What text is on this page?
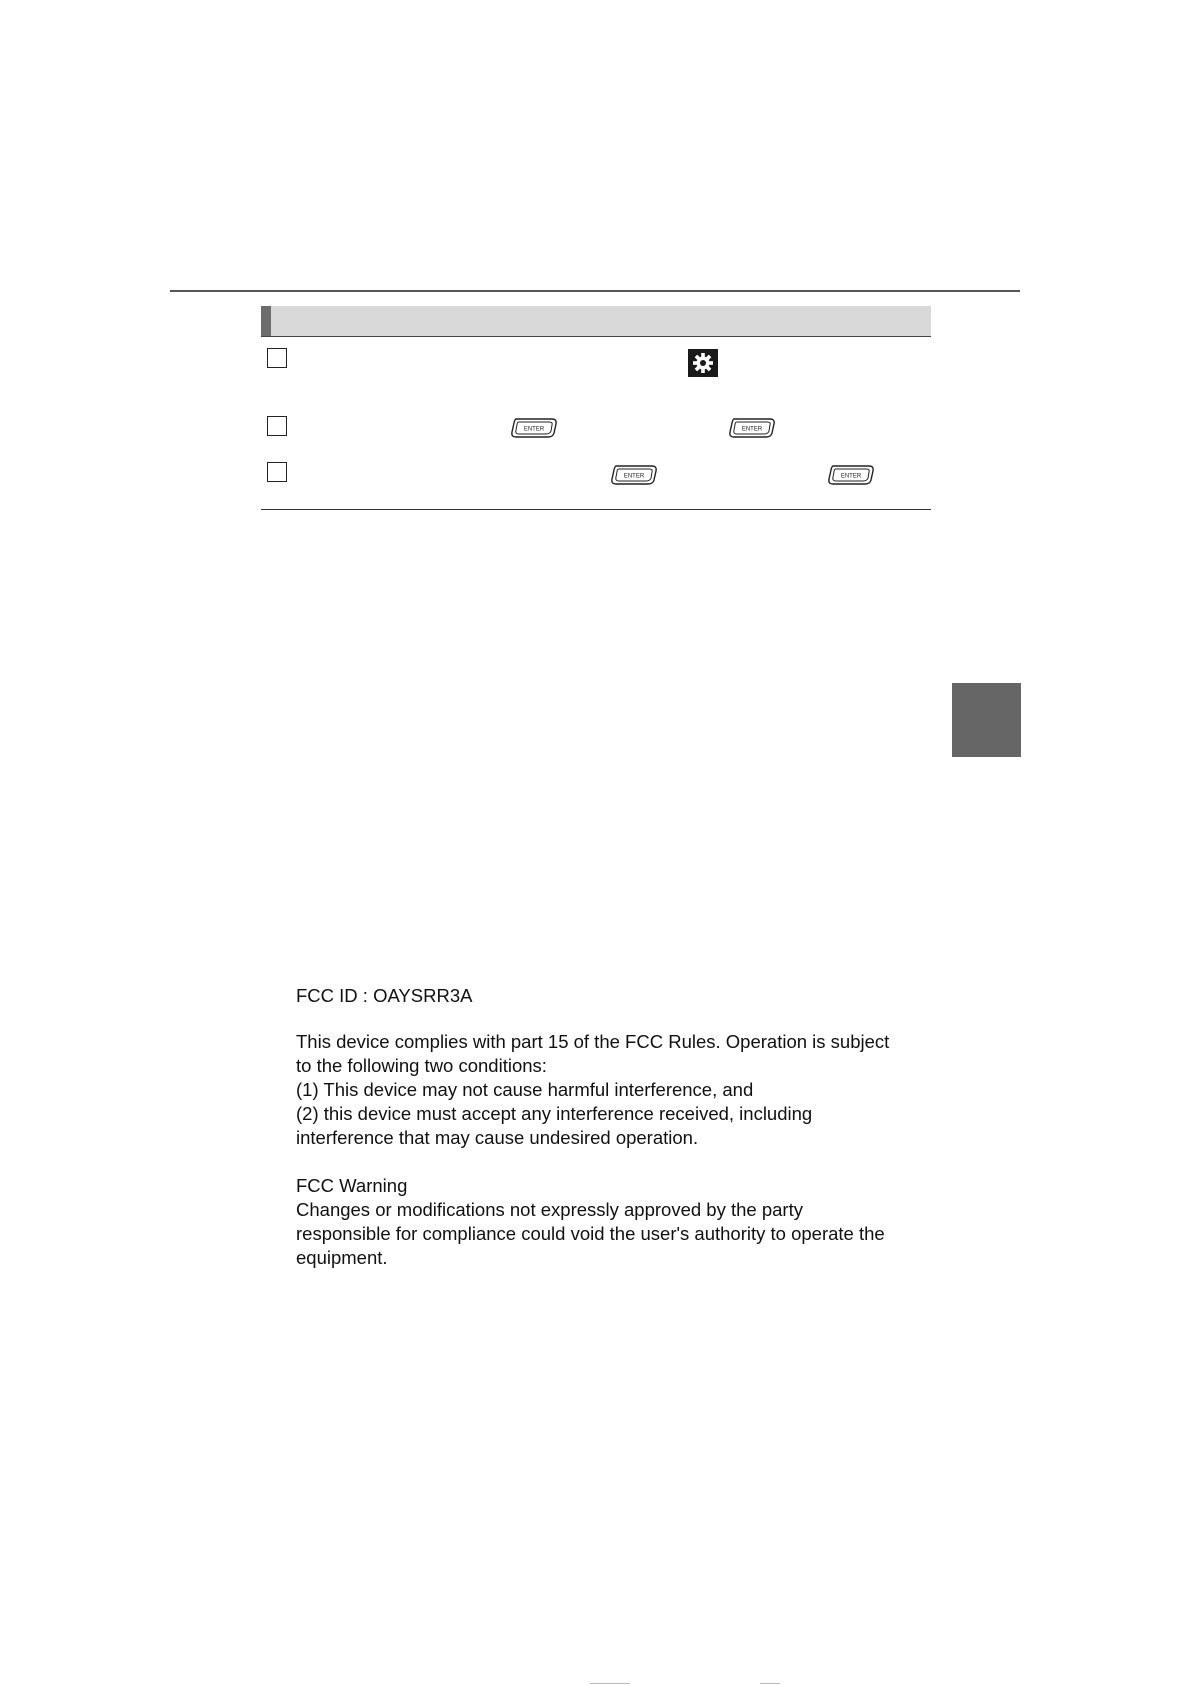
ENTER	ENTER
ENTER	ENTER
FCC ID : OAYSRR3A
This device complies with part 15 of the FCC Rules. Operation is subject
to the following two conditions:
(1) This device may not cause harmful interference, and
(2) this device must accept any interference received, including
interference that may cause undesired operation.
FCC Warning
Changes or modifications not expressly approved by the party
responsible for compliance could void the user's authority to operate the
equipment.
